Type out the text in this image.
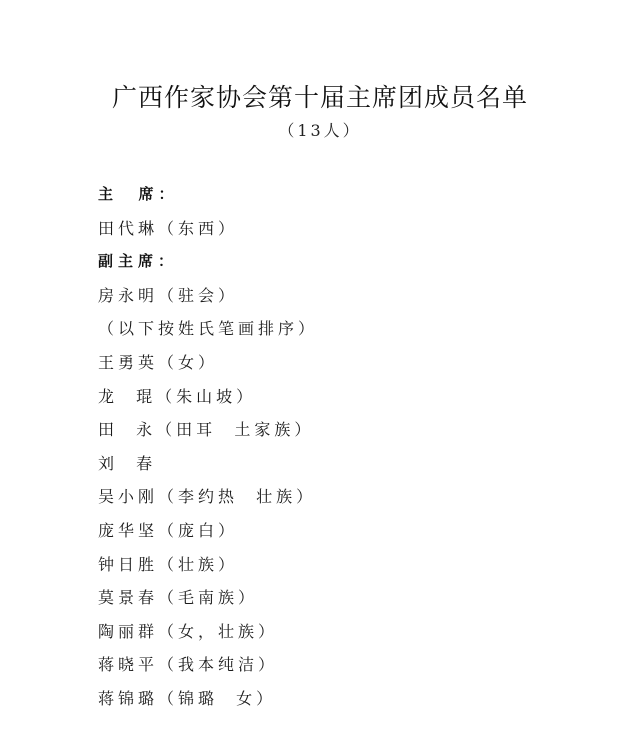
广西作家协会第十届主席团成员名单
（13人）
主  席：
田代琳（东西）
副主席：
房永明（驻会）
（以下按姓氏笔画排序）
王勇英（女）
龙  琨（朱山坡）
田  永（田耳  土家族）
刘  春
吴小刚（李约热  壮族）
庞华坚（庞白）
钟日胜（壮族）
莫景春（毛南族）
陶丽群（女，壮族）
蒋晓平（我本纯洁）
蒋锦璐（锦璐  女）
